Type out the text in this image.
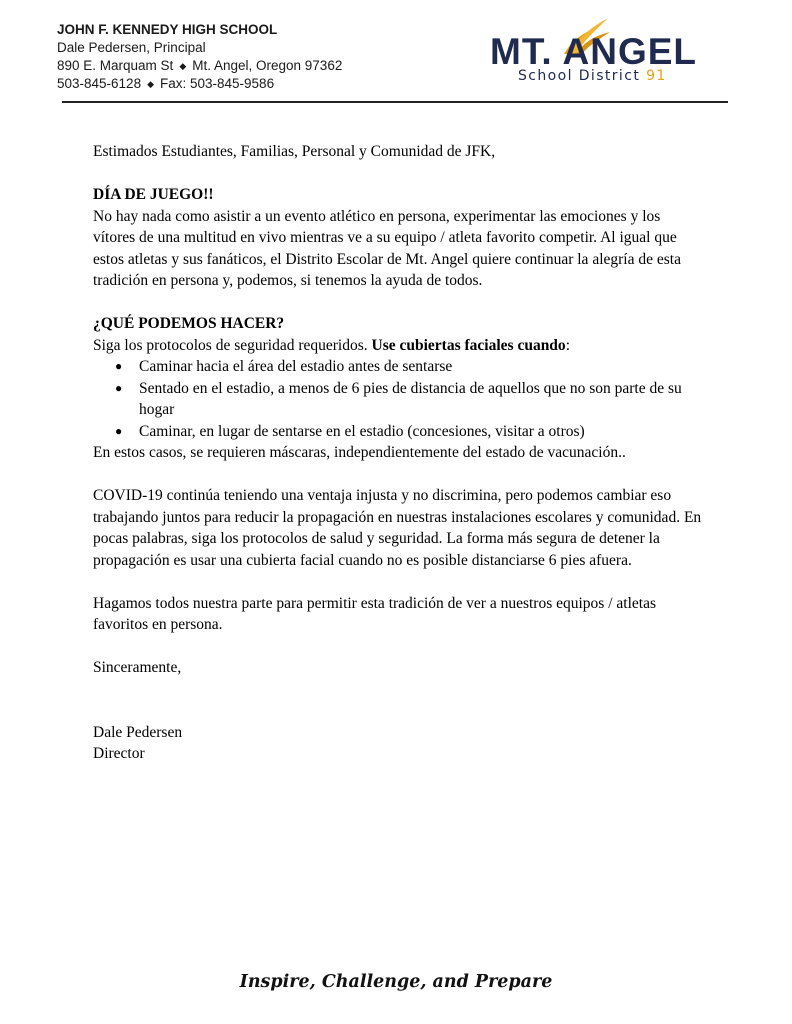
JOHN F. KENNEDY HIGH SCHOOL
Dale Pedersen, Principal
890 E. Marquam St ◆ Mt. Angel, Oregon 97362
503-845-6128 ◆ Fax: 503-845-9586
MT. ANGEL
School District 91

Estimados Estudiantes, Familias, Personal y Comunidad de JFK,

DÍA DE JUEGO!!

No hay nada como asistir a un evento atlético en persona, experimentar las emociones y los vítores de una multitud en vivo mientras ve a su equipo / atleta favorito competir. Al igual que estos atletas y sus fanáticos, el Distrito Escolar de Mt. Angel quiere continuar la alegría de esta tradición en persona y, podemos, si tenemos la ayuda de todos.

¿QUÉ PODEMOS HACER?

Siga los protocolos de seguridad requeridos. Use cubiertas faciales cuando:

● Caminar hacia el área del estadio antes de sentarse
● Sentado en el estadio, a menos de 6 pies de distancia de aquellos que no son parte de su hogar
● Caminar, en lugar de sentarse en el estadio (concesiones, visitar a otros)

En estos casos, se requieren máscaras, independientemente del estado de vacunación..

COVID-19 continúa teniendo una ventaja injusta y no discrimina, pero podemos cambiar eso trabajando juntos para reducir la propagación en nuestras instalaciones escolares y comunidad. En pocas palabras, siga los protocolos de salud y seguridad. La forma más segura de detener la propagación es usar una cubierta facial cuando no es posible distanciarse 6 pies afuera.

Hagamos todos nuestra parte para permitir esta tradición de ver a nuestros equipos / atletas favoritos en persona.

Sinceramente,

Dale Pedersen

Director

Inspire, Challenge, and Prepare
